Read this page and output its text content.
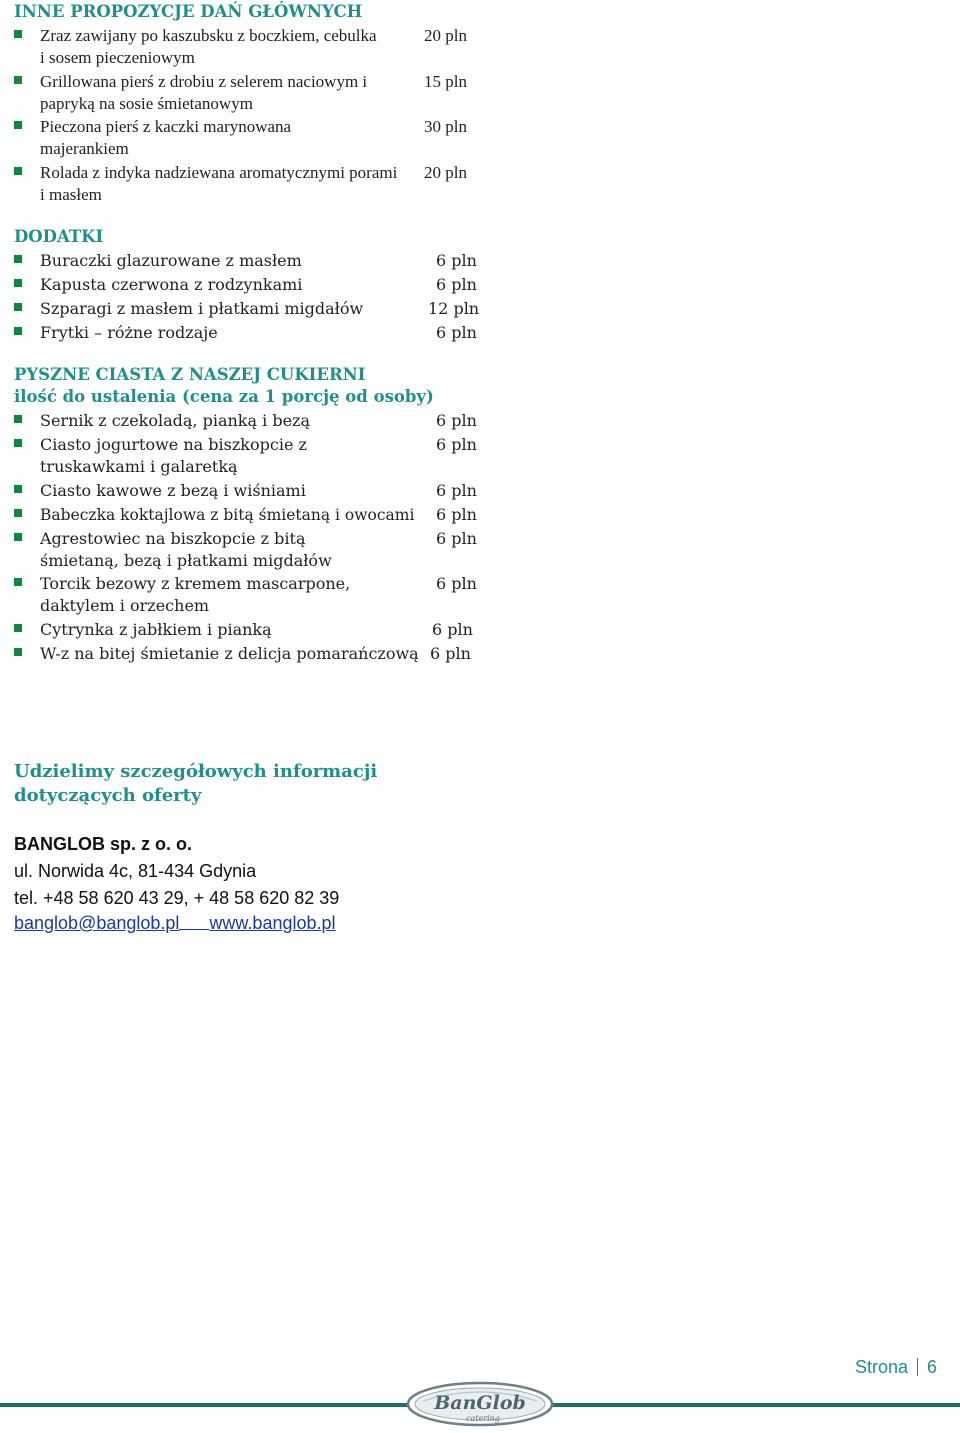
INNE PROPOZYCJE DAŃ GŁÓWNYCH
Zraz zawijany po kaszubsku z boczkiem, cebulka i sosem pieczeniowym
20 pln
Grillowana pierś z drobiu z selerem naciowym i papryką na sosie śmietanowym
15 pln
Pieczona pierś z kaczki marynowana majerankiem
30 pln
Rolada z indyka nadziewana aromatycznymi porami i masłem
20 pln
DODATKI
Buraczki glazurowane z masłem	6 pln
Kapusta czerwona z rodzynkami	6 pln
Szparagi z masłem i płatkami migdałów	12 pln
Frytki – różne rodzaje	6 pln
PYSZNE CIASTA Z NASZEJ CUKIERNI
ilość do ustalenia (cena za 1 porcję od osoby)
Sernik z czekoladą, pianką i bezą	6 pln
Ciasto jogurtowe na biszkopcie z truskawkami i galaretką
6 pln
Ciasto kawowe z bezą i wiśniami	6 pln
Babeczka koktajlowa z bitą śmietaną i owocami	6 pln
Agrestowiec na biszkopcie z bitą śmietaną, bezą i płatkami migdałów
6 pln
Torcik bezowy z kremem mascarpone, daktylem i orzechem
6 pln
Cytrynka z jabłkiem i pianką	6 pln
W-z na bitej śmietanie z delicja pomarańczową 6 pln
Udzielimy szczegółowych informacji dotyczących oferty
BANGLOB sp. z o. o.
ul. Norwida 4c, 81-434 Gdynia
tel. +48 58 620 43 29, + 48 58 620 82 39
banglob@banglob.pl www.banglob.pl
Strona 6
BanGlob
catering
